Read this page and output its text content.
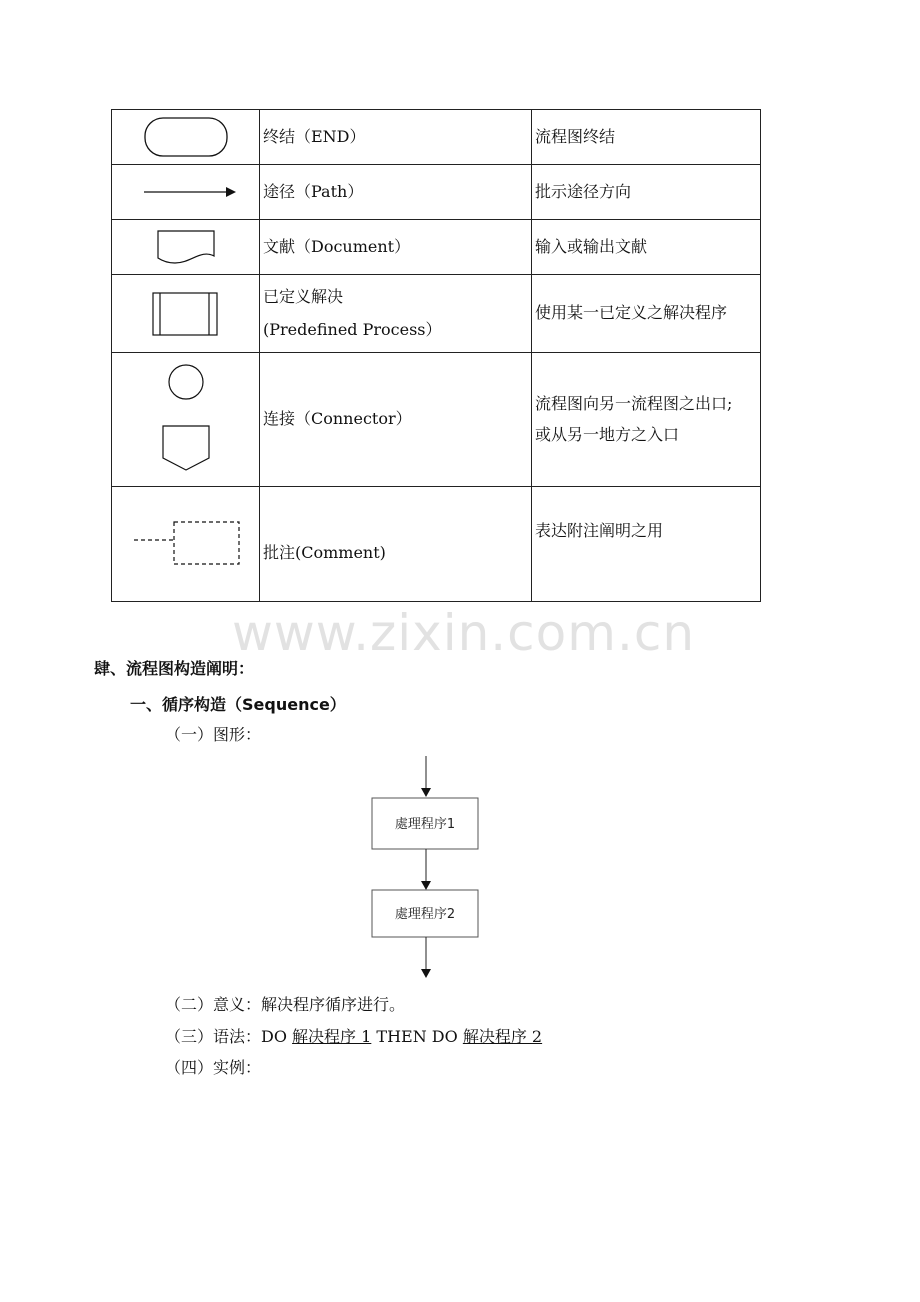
	终结（END）	流程图终结

	途径（Path）	批示途径方向

	文献（Document）	输入或输出文献

已定义解决
(Predefined Process）	使用某一已定义之解决程序

	连接（Connector）	流程图向另一流程图之出口;
或从另一地方之入口

	批注(Comment)	表达附注阐明之用
www.zixin.com.cn
肆、流程图构造阐明：
一、循序构造（Sequence）
（一）图形：
處理程序1
處理程序2
（二）意义：解决程序循序进行。
（三）语法：DO 解决程序 1 THEN DO 解决程序 2
（四）实例：
